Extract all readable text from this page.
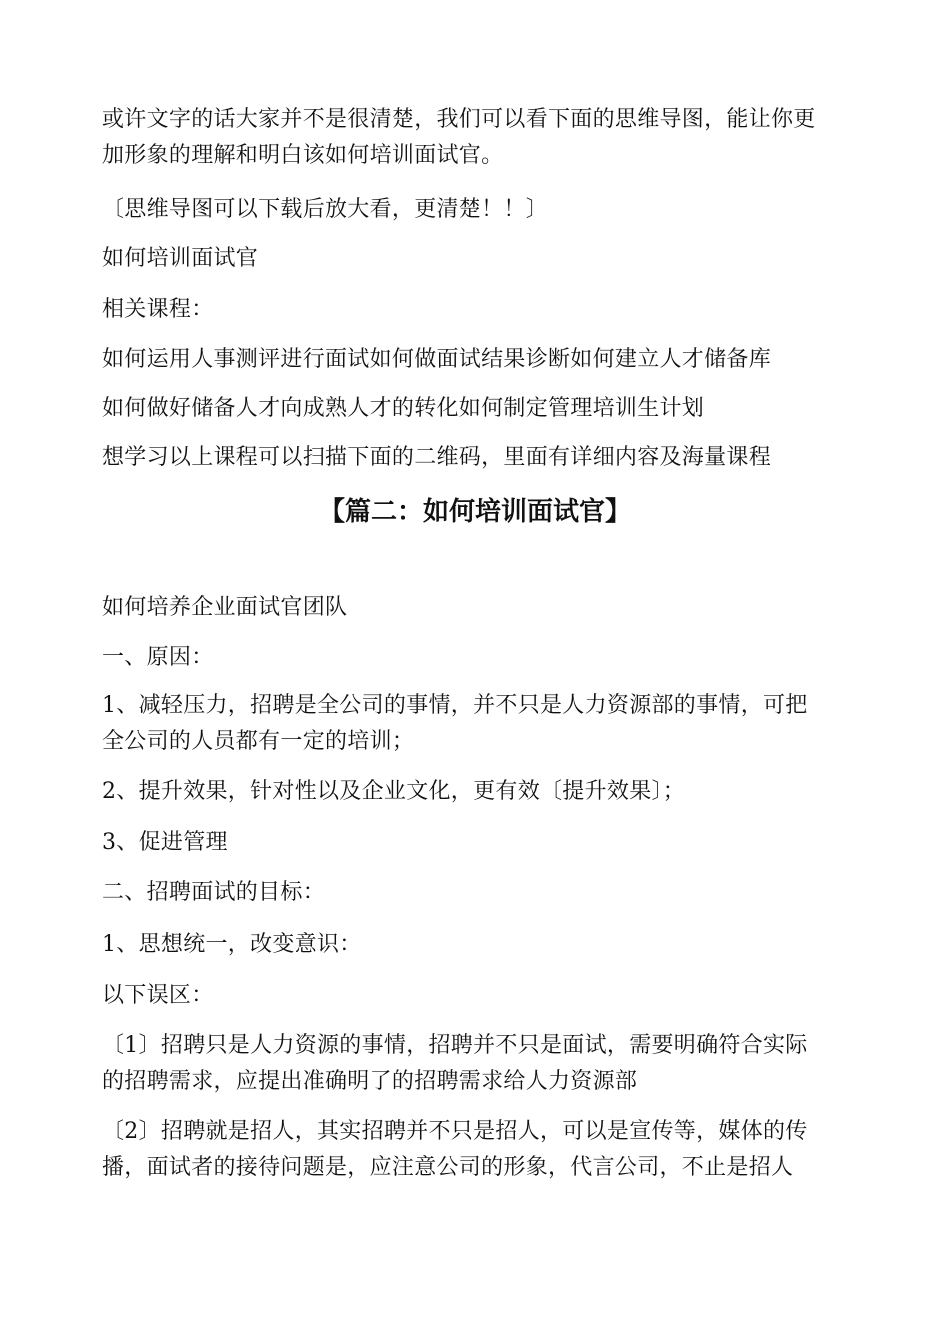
或许文字的话大家并不是很清楚，我们可以看下面的思维导图，能让你更
加形象的理解和明白该如何培训面试官。
〔思维导图可以下载后放大看，更清楚！！〕
如何培训面试官
相关课程：
如何运用人事测评进行面试如何做面试结果诊断如何建立人才储备库
如何做好储备人才向成熟人才的转化如何制定管理培训生计划
想学习以上课程可以扫描下面的二维码，里面有详细内容及海量课程
【篇二：如何培训面试官】
如何培养企业面试官团队
一、原因：
1、减轻压力，招聘是全公司的事情，并不只是人力资源部的事情，可把
全公司的人员都有一定的培训；
2、提升效果，针对性以及企业文化，更有效〔提升效果〕；
3、促进管理
二、招聘面试的目标：
1、思想统一，改变意识：
以下误区：
〔1〕招聘只是人力资源的事情，招聘并不只是面试，需要明确符合实际
的招聘需求，应提出准确明了的招聘需求给人力资源部
〔2〕招聘就是招人，其实招聘并不只是招人，可以是宣传等，媒体的传
播，面试者的接待问题是，应注意公司的形象，代言公司，不止是招人
